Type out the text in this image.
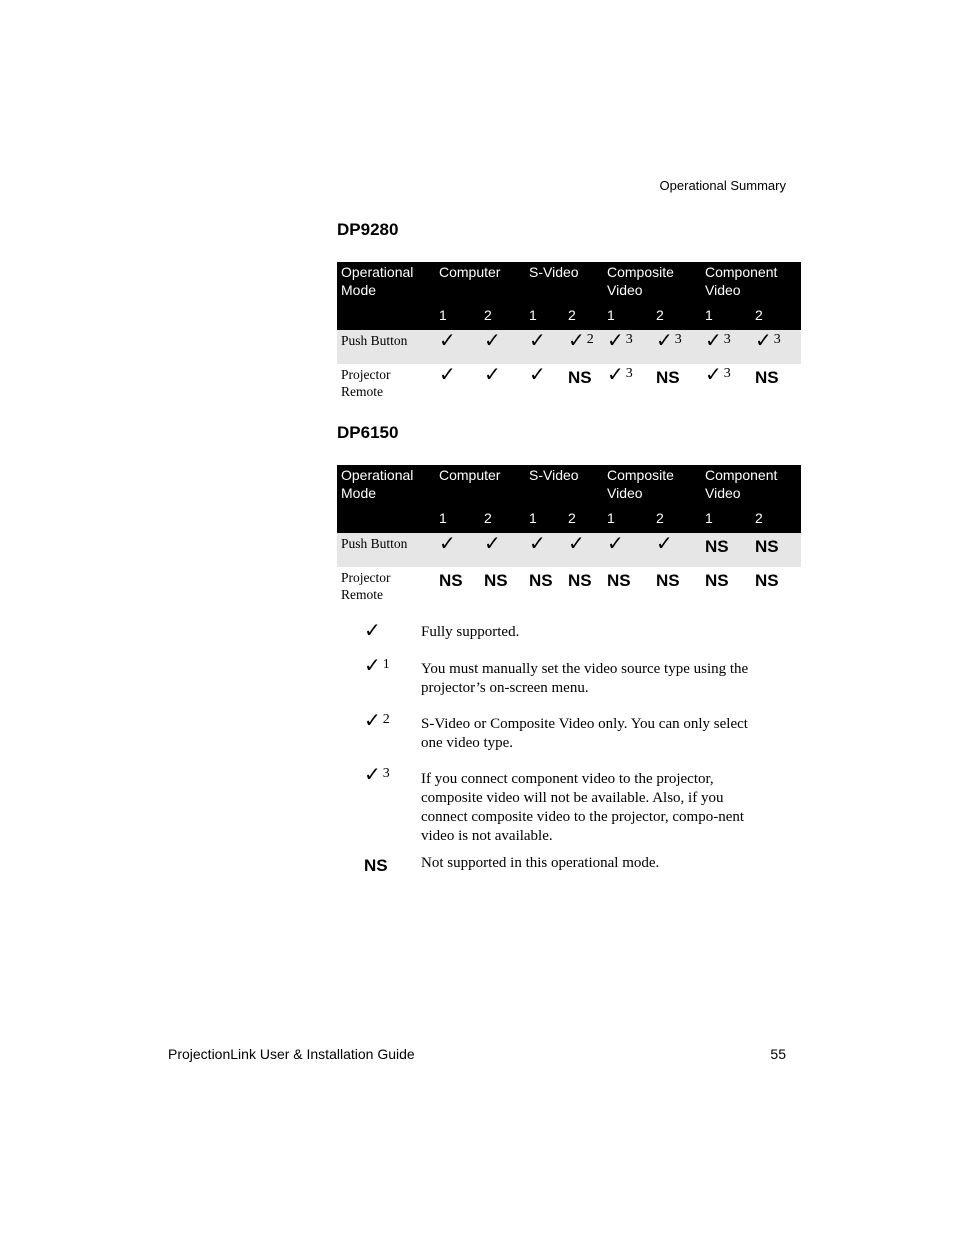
Operational Summary
DP9280
Operational Mode	Computer		S-Video		Composite Video		Component Video	
	1	2	1	2	1	2	1	2
Push Button	✓	✓	✓	✓ 2	✓ 3	✓ 3	✓ 3	✓ 3
Projector Remote	✓	✓	✓	NS	✓ 3	NS	✓ 3	NS
DP6150
Operational Mode	Computer		S-Video		Composite Video		Component Video	
	1	2	1	2	1	2	1	2
Push Button	✓	✓	✓	✓	✓	✓	NS	NS
Projector Remote	NS	NS	NS	NS	NS	NS	NS	NS
✓	Fully supported.
✓ 1 You must manually set the video source type using the projector’s on-screen menu.
✓ 2 S-Video or Composite Video only. You can only select one video type.
✓ 3 If you connect component video to the projector, composite video will not be available. Also, if you connect composite video to the projector, compo-nent video is not available.
NS Not supported in this operational mode.
ProjectionLink User & Installation Guide	55
